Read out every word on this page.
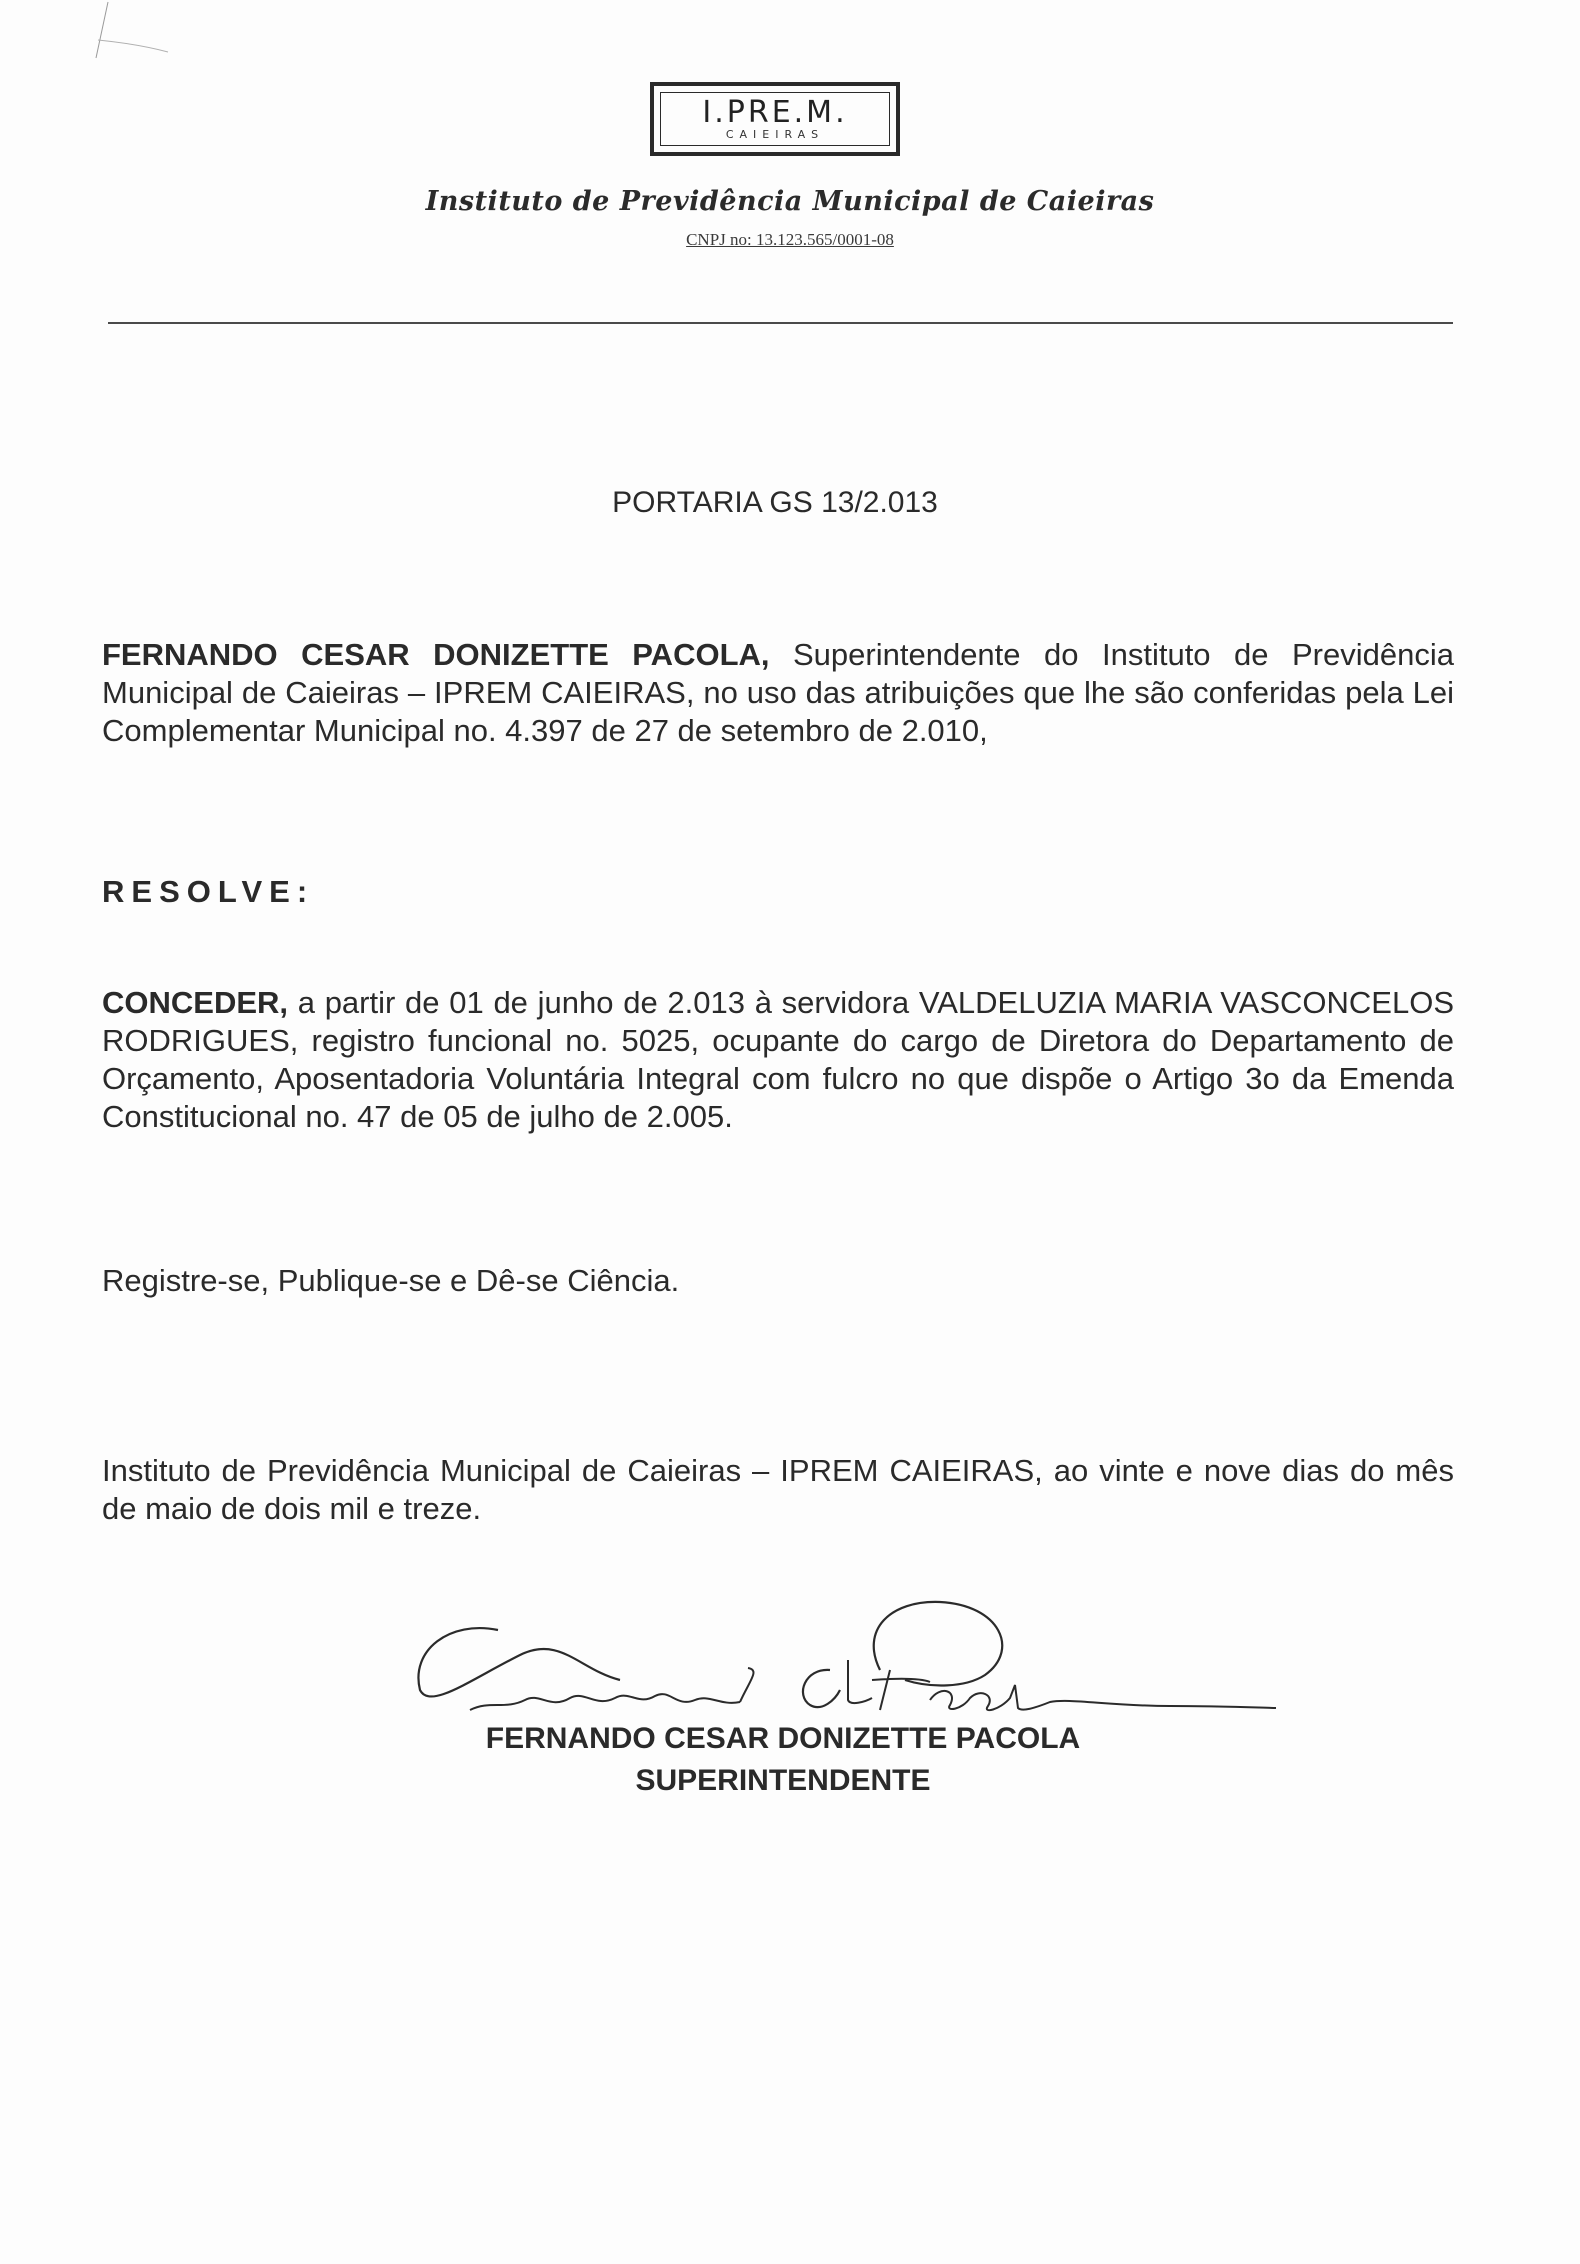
I.PRE.M.
CAIEIRAS
Instituto de Previdência Municipal de Caieiras
CNPJ no: 13.123.565/0001-08
PORTARIA GS 13/2.013
FERNANDO CESAR DONIZETTE PACOLA, Superintendente do Instituto de Previdência Municipal de Caieiras – IPREM CAIEIRAS, no uso das atribuições que lhe são conferidas pela Lei Complementar Municipal no. 4.397 de 27 de setembro de 2.010,
RESOLVE:
CONCEDER, a partir de 01 de junho de 2.013 à servidora VALDELUZIA MARIA VASCONCELOS RODRIGUES, registro funcional no. 5025, ocupante do cargo de Diretora do Departamento de Orçamento, Aposentadoria Voluntária Integral com fulcro no que dispõe o Artigo 3o da Emenda Constitucional no. 47 de 05 de julho de 2.005.
Registre-se, Publique-se e Dê-se Ciência.
Instituto de Previdência Municipal de Caieiras – IPREM CAIEIRAS, ao vinte e nove dias do mês de maio de dois mil e treze.
FERNANDO CESAR DONIZETTE PACOLA
SUPERINTENDENTE
